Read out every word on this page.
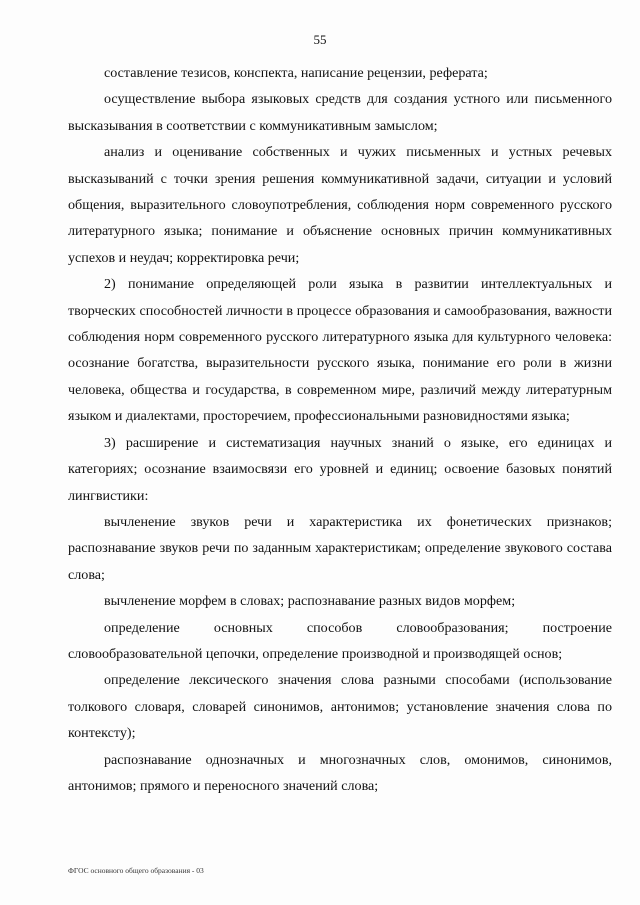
55

составление тезисов, конспекта, написание рецензии, реферата;

осуществление выбора языковых средств для создания устного или письменного высказывания в соответствии с коммуникативным замыслом;

анализ и оценивание собственных и чужих письменных и устных речевых высказываний с точки зрения решения коммуникативной задачи, ситуации и условий общения, выразительного словоупотребления, соблюдения норм современного русского литературного языка; понимание и объяснение основных причин коммуникативных успехов и неудач; корректировка речи;

2) понимание определяющей роли языка в развитии интеллектуальных и творческих способностей личности в процессе образования и самообразования, важности соблюдения норм современного русского литературного языка для культурного человека: осознание богатства, выразительности русского языка, понимание его роли в жизни человека, общества и государства, в современном мире, различий между литературным языком и диалектами, просторечием, профессиональными разновидностями языка;

3) расширение и систематизация научных знаний о языке, его единицах и категориях; осознание взаимосвязи его уровней и единиц; освоение базовых понятий лингвистики:

вычленение звуков речи и характеристика их фонетических признаков; распознавание звуков речи по заданным характеристикам; определение звукового состава слова;

вычленение морфем в словах; распознавание разных видов морфем;

определение основных способов словообразования; построение словообразовательной цепочки, определение производной и производящей основ;

определение лексического значения слова разными способами (использование толкового словаря, словарей синонимов, антонимов; установление значения слова по контексту);

распознавание однозначных и многозначных слов, омонимов, синонимов, антонимов; прямого и переносного значений слова;

ФГОС основного общего образования - 03
